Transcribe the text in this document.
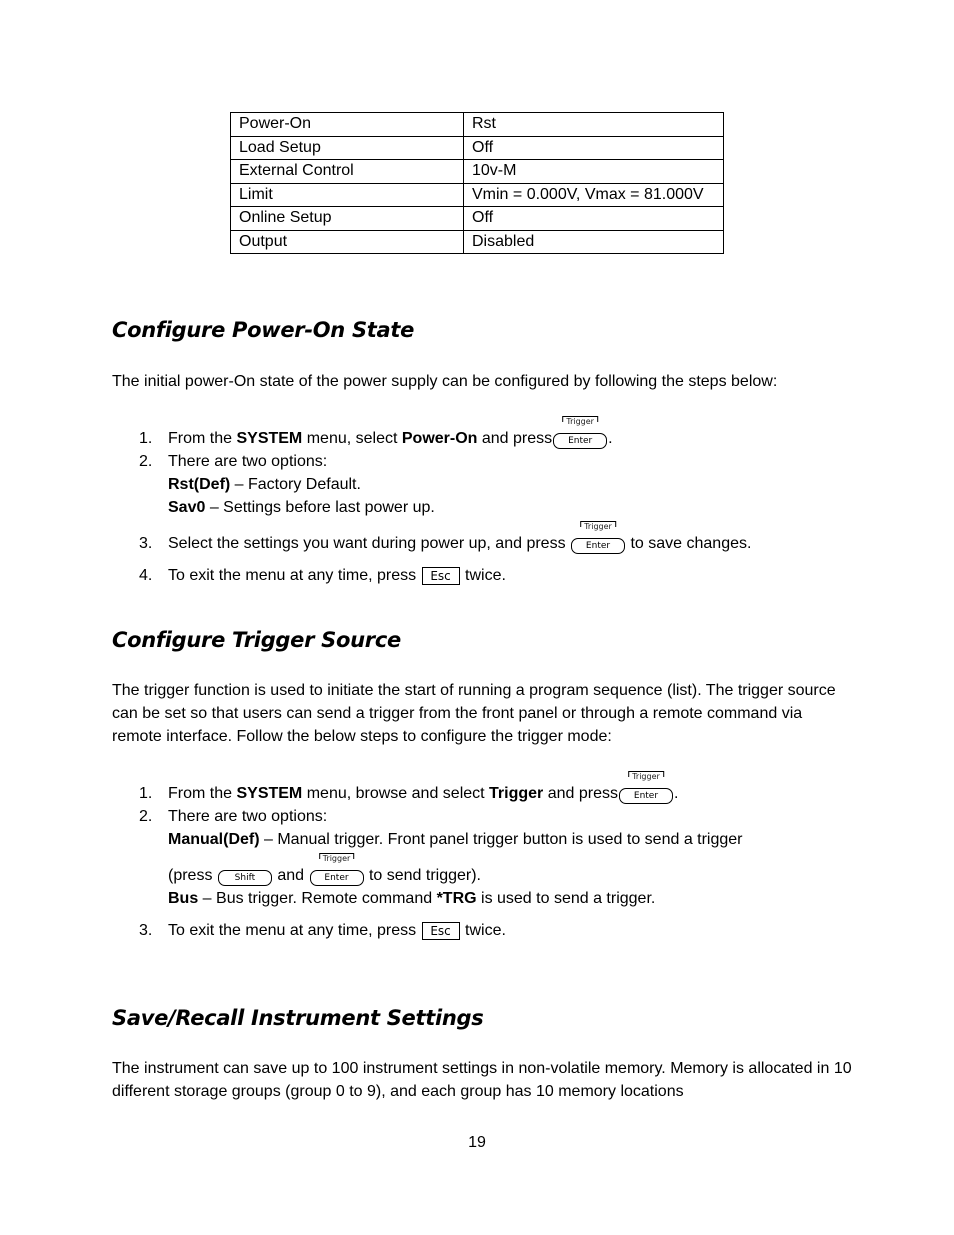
Power-On	Rst
Load Setup	Off
External Control	10v-M
Limit	Vmin = 0.000V, Vmax = 81.000V
Online Setup	Off
Output	Disabled
Configure Power-On State

The initial power-On state of the power supply can be configured by following the steps below:

1. From the SYSTEM menu, select Power-On and press
Trigger
Enter .
2. There are two options:
Rst(Def) – Factory Default.
Sav0 – Settings before last power up.
3. Select the settings you want during power up, and press
Trigger
Enter to save changes.
4. To exit the menu at any time, press Esc twice.
Configure Trigger Source

The trigger function is used to initiate the start of running a program sequence (list). The trigger source can be set so that users can send a trigger from the front panel or through a remote command via remote interface. Follow the below steps to configure the trigger mode:

1. From the SYSTEM menu, browse and select Trigger and press
Trigger
Enter .
2. There are two options:
Manual(Def) – Manual trigger. Front panel trigger button is used to send a trigger
(press Shift and
Trigger
Enter to send trigger).
Bus – Bus trigger. Remote command *TRG is used to send a trigger.
3. To exit the menu at any time, press Esc twice.
Save/Recall Instrument Settings

The instrument can save up to 100 instrument settings in non-volatile memory. Memory is allocated in 10 different storage groups (group 0 to 9), and each group has 10 memory locations

19
